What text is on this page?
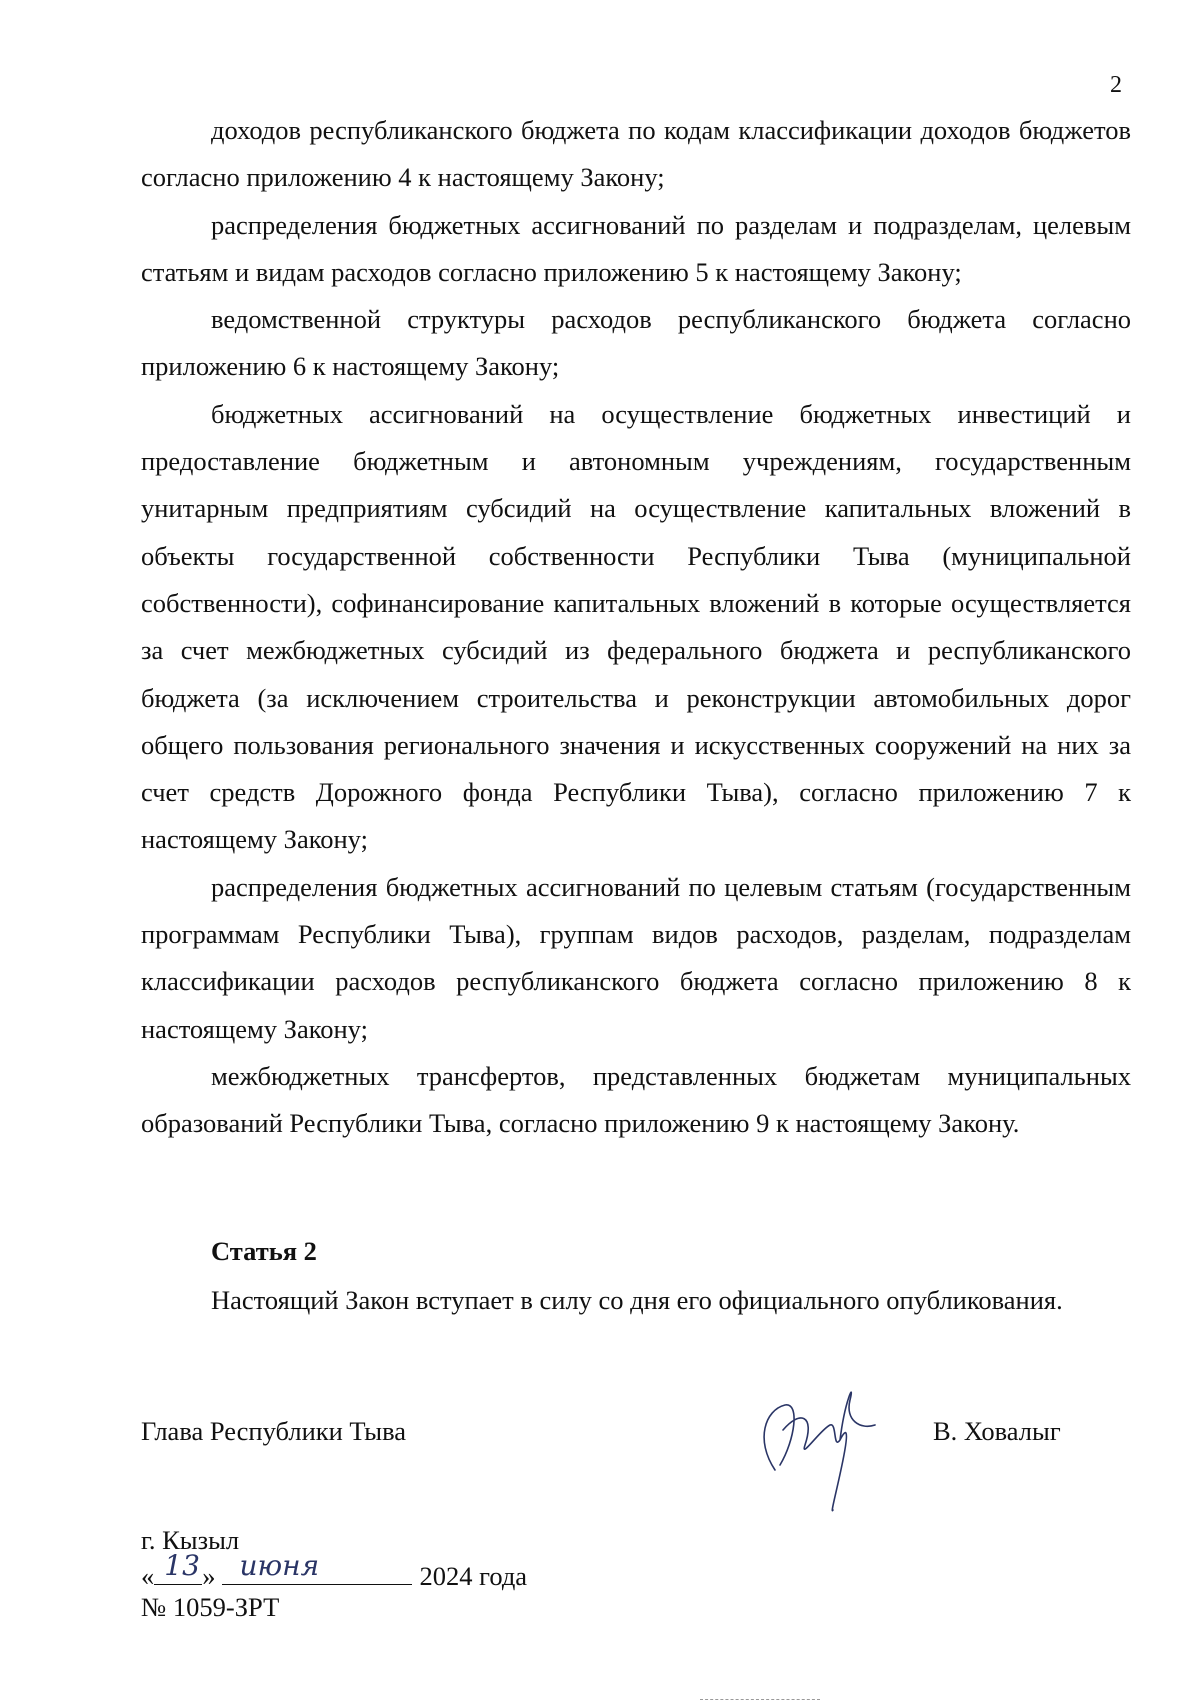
2

доходов республиканского бюджета по кодам классификации доходов бюджетов согласно приложению 4 к настоящему Закону;

распределения бюджетных ассигнований по разделам и подразделам, целевым статьям и видам расходов согласно приложению 5 к настоящему Закону;

ведомственной структуры расходов республиканского бюджета согласно приложению 6 к настоящему Закону;

бюджетных ассигнований на осуществление бюджетных инвестиций и предоставление бюджетным и автономным учреждениям, государственным унитарным предприятиям субсидий на осуществление капитальных вложений в объекты государственной собственности Республики Тыва (муниципальной собственности), софинансирование капитальных вложений в которые осуществляется за счет межбюджетных субсидий из федерального бюджета и республиканского бюджета (за исключением строительства и реконструкции автомобильных дорог общего пользования регионального значения и искусственных сооружений на них за счет средств Дорожного фонда Республики Тыва), согласно приложению 7 к настоящему Закону;

распределения бюджетных ассигнований по целевым статьям (государственным программам Республики Тыва), группам видов расходов, разделам, подразделам классификации расходов республиканского бюджета согласно приложению 8 к настоящему Закону;

межбюджетных трансфертов, представленных бюджетам муниципальных образований Республики Тыва, согласно приложению 9 к настоящему Закону.

Статья 2
Настоящий Закон вступает в силу со дня его официального опубликования.
Глава Республики Тыва	В. Ховалыг
г. Кызыл
« 13 » июня	2024 года
№ 1059-ЗРТ
